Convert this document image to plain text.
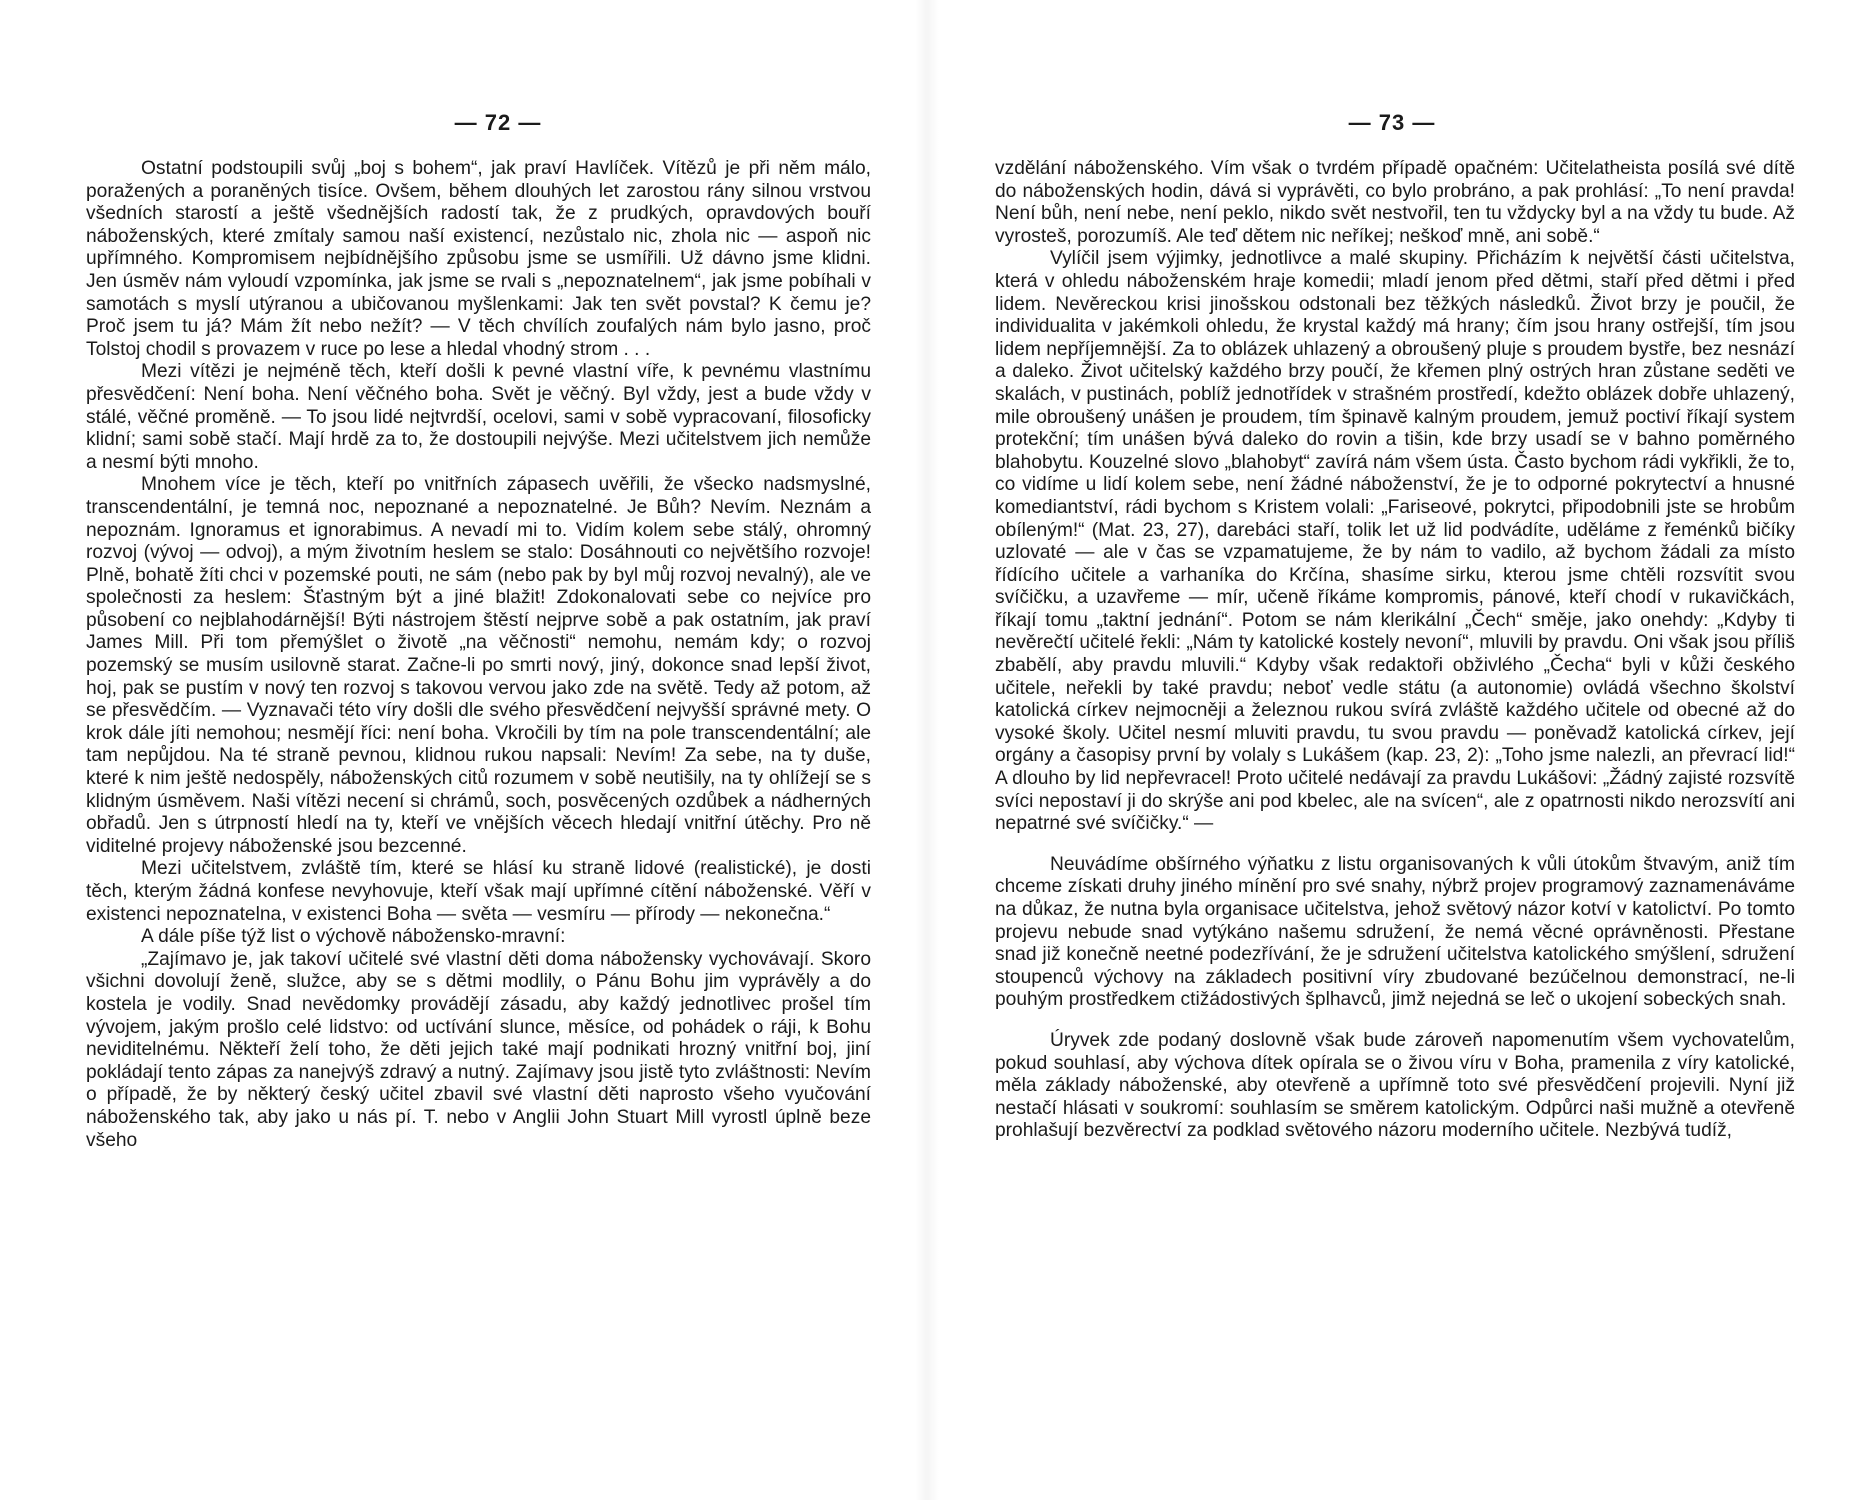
— 72 —

Ostatní podstoupili svůj „boj s bohem“, jak praví Havlíček. Vítězů je při něm málo, poražených a poraněných tisíce. Ovšem, během dlouhých let zarostou rány silnou vrstvou všedních starostí a ještě všednějších radostí tak, že z prudkých, opravdových bouří náboženských, které zmítaly samou naší existencí, nezůstalo nic, zhola nic — aspoň nic upřímného. Kompromisem nejbídnějšího způsobu jsme se usmířili. Už dávno jsme klidni. Jen úsměv nám vyloudí vzpomínka, jak jsme se rvali s „nepoznatelnem“, jak jsme pobíhali v samotách s myslí utýranou a ubičovanou myšlenkami: Jak ten svět povstal? K čemu je? Proč jsem tu já? Mám žít nebo nežít? — V těch chvílích zoufalých nám bylo jasno, proč Tolstoj chodil s provazem v ruce po lese a hledal vhodný strom . . .

Mezi vítězi je nejméně těch, kteří došli k pevné vlastní víře, k pevnému vlastnímu přesvědčení: Není boha. Není věčného boha. Svět je věčný. Byl vždy, jest a bude vždy v stálé, věčné proměně. — To jsou lidé nejtvrdší, ocelovi, sami v sobě vypracovaní, filosoficky klidní; sami sobě stačí. Mají hrdě za to, že dostoupili nejvýše. Mezi učitelstvem jich nemůže a nesmí býti mnoho.

Mnohem více je těch, kteří po vnitřních zápasech uvěřili, že všecko nadsmyslné, transcendentální, je temná noc, nepoznané a nepoznatelné. Je Bůh? Nevím. Neznám a nepoznám. Ignoramus et ignorabimus. A nevadí mi to. Vidím kolem sebe stálý, ohromný rozvoj (vývoj — odvoj), a mým životním heslem se stalo: Dosáhnouti co největšího rozvoje! Plně, bohatě žíti chci v pozemské pouti, ne sám (nebo pak by byl můj rozvoj nevalný), ale ve společnosti za heslem: Šťastným být a jiné blažit! Zdokonalovati sebe co nejvíce pro působení co nejblahodárnější! Býti nástrojem štěstí nejprve sobě a pak ostatním, jak praví James Mill. Při tom přemýšlet o životě „na věčnosti“ nemohu, nemám kdy; o rozvoj pozemský se musím usilovně starat. Začne-li po smrti nový, jiný, dokonce snad lepší život, hoj, pak se pustím v nový ten rozvoj s takovou vervou jako zde na světě. Tedy až potom, až se přesvědčím. — Vyznavači této víry došli dle svého přesvědčení nejvyšší správné mety. O krok dále jíti nemohou; nesmějí říci: není boha. Vkročili by tím na pole transcendentální; ale tam nepůjdou. Na té straně pevnou, klidnou rukou napsali: Nevím! Za sebe, na ty duše, které k nim ještě nedospěly, náboženských citů rozumem v sobě neutišily, na ty ohlížejí se s klidným úsměvem. Naši vítězi necení si chrámů, soch, posvěcených ozdůbek a nádherných obřadů. Jen s útrpností hledí na ty, kteří ve vnějších věcech hledají vnitřní útěchy. Pro ně viditelné projevy náboženské jsou bezcenné.

Mezi učitelstvem, zvláště tím, které se hlásí ku straně lidové (realistické), je dosti těch, kterým žádná konfese nevyhovuje, kteří však mají upřímné cítění náboženské. Věří v existenci nepoznatelna, v existenci Boha — světa — vesmíru — přírody — nekonečna.“

A dále píše týž list o výchově nábožensko-mravní:

„Zajímavo je, jak takoví učitelé své vlastní děti doma nábožensky vychovávají. Skoro všichni dovolují ženě, služce, aby se s dětmi modlily, o Pánu Bohu jim vyprávěly a do kostela je vodily. Snad nevědomky provádějí zásadu, aby každý jednotlivec prošel tím vývojem, jakým prošlo celé lidstvo: od uctívání slunce, měsíce, od pohádek o ráji, k Bohu neviditelnému. Někteří želí toho, že děti jejich také mají podnikati hrozný vnitřní boj, jiní pokládají tento zápas za nanejvýš zdravý a nutný. Zajímavy jsou jistě tyto zvláštnosti: Nevím o případě, že by některý český učitel zbavil své vlastní děti naprosto všeho vyučování náboženského tak, aby jako u nás pí. T. nebo v Anglii John Stuart Mill vyrostl úplně beze všeho

— 73 —

vzdělání náboženského. Vím však o tvrdém případě opačném: Učitelatheista posílá své dítě do náboženských hodin, dává si vyprávěti, co bylo probráno, a pak prohlásí: „To není pravda! Není bůh, není nebe, není peklo, nikdo svět nestvořil, ten tu vždycky byl a na vždy tu bude. Až vyrosteš, porozumíš. Ale teď dětem nic neříkej; neškoď mně, ani sobě.“

Vylíčil jsem výjimky, jednotlivce a malé skupiny. Přicházím k největší části učitelstva, která v ohledu náboženském hraje komedii; mladí jenom před dětmi, staří před dětmi i před lidem. Nevěreckou krisi jinošskou odstonali bez těžkých následků. Život brzy je poučil, že individualita v jakémkoli ohledu, že krystal každý má hrany; čím jsou hrany ostřejší, tím jsou lidem nepříjemnější. Za to oblázek uhlazený a obroušený pluje s proudem bystře, bez nesnází a daleko. Život učitelský každého brzy poučí, že křemen plný ostrých hran zůstane seděti ve skalách, v pustinách, poblíž jednotřídek v strašném prostředí, kdežto oblázek dobře uhlazený, mile obroušený unášen je proudem, tím špinavě kalným proudem, jemuž poctiví říkají system protekční; tím unášen bývá daleko do rovin a tišin, kde brzy usadí se v bahno poměrného blahobytu. Kouzelné slovo „blahobyt“ zavírá nám všem ústa. Často bychom rádi vykřikli, že to, co vidíme u lidí kolem sebe, není žádné náboženství, že je to odporné pokrytectví a hnusné komediantství, rádi bychom s Kristem volali: „Fariseové, pokrytci, připodobnili jste se hrobům obíleným!“ (Mat. 23, 27), darebáci staří, tolik let už lid podvádíte, uděláme z řeménků bičíky uzlovaté — ale v čas se vzpamatujeme, že by nám to vadilo, až bychom žádali za místo řídícího učitele a varhaníka do Krčína, shasíme sirku, kterou jsme chtěli rozsvítit svou svíčičku, a uzavřeme — mír, učeně říkáme kompromis, pánové, kteří chodí v rukavičkách, říkají tomu „taktní jednání“. Potom se nám klerikální „Čech“ směje, jako onehdy: „Kdyby ti nevěrečtí učitelé řekli: „Nám ty katolické kostely nevoní“, mluvili by pravdu. Oni však jsou příliš zbabělí, aby pravdu mluvili.“ Kdyby však redaktoři obživlého „Čecha“ byli v kůži českého učitele, neřekli by také pravdu; neboť vedle státu (a autonomie) ovládá všechno školství katolická církev nejmocněji a železnou rukou svírá zvláště každého učitele od obecné až do vysoké školy. Učitel nesmí mluviti pravdu, tu svou pravdu — poněvadž katolická církev, její orgány a časopisy první by volaly s Lukášem (kap. 23, 2): „Toho jsme nalezli, an převrací lid!“ A dlouho by lid nepřevracel! Proto učitelé nedávají za pravdu Lukášovi: „Žádný zajisté rozsvítě svíci nepostaví ji do skrýše ani pod kbelec, ale na svícen“, ale z opatrnosti nikdo nerozsvítí ani nepatrné své svíčičky.“ —

Neuvádíme obšírného výňatku z listu organisovaných k vůli útokům štvavým, aniž tím chceme získati druhy jiného mínění pro své snahy, nýbrž projev programový zaznamenáváme na důkaz, že nutna byla organisace učitelstva, jehož světový názor kotví v katolictví. Po tomto projevu nebude snad vytýkáno našemu sdružení, že nemá věcné oprávněnosti. Přestane snad již konečně neetné podezřívání, že je sdružení učitelstva katolického smýšlení, sdružení stoupenců výchovy na základech positivní víry zbudované bezúčelnou demonstrací, ne-li pouhým prostředkem ctižádostivých šplhavců, jimž nejedná se leč o ukojení sobeckých snah.

Úryvek zde podaný doslovně však bude zároveň napomenutím všem vychovatelům, pokud souhlasí, aby výchova dítek opírala se o živou víru v Boha, pramenila z víry katolické, měla základy náboženské, aby otevřeně a upřímně toto své přesvědčení projevili. Nyní již nestačí hlásati v soukromí: souhlasím se směrem katolickým. Odpůrci naši mužně a otevřeně prohlašují bezvěrectví za podklad světového názoru moderního učitele. Nezbývá tudíž,
